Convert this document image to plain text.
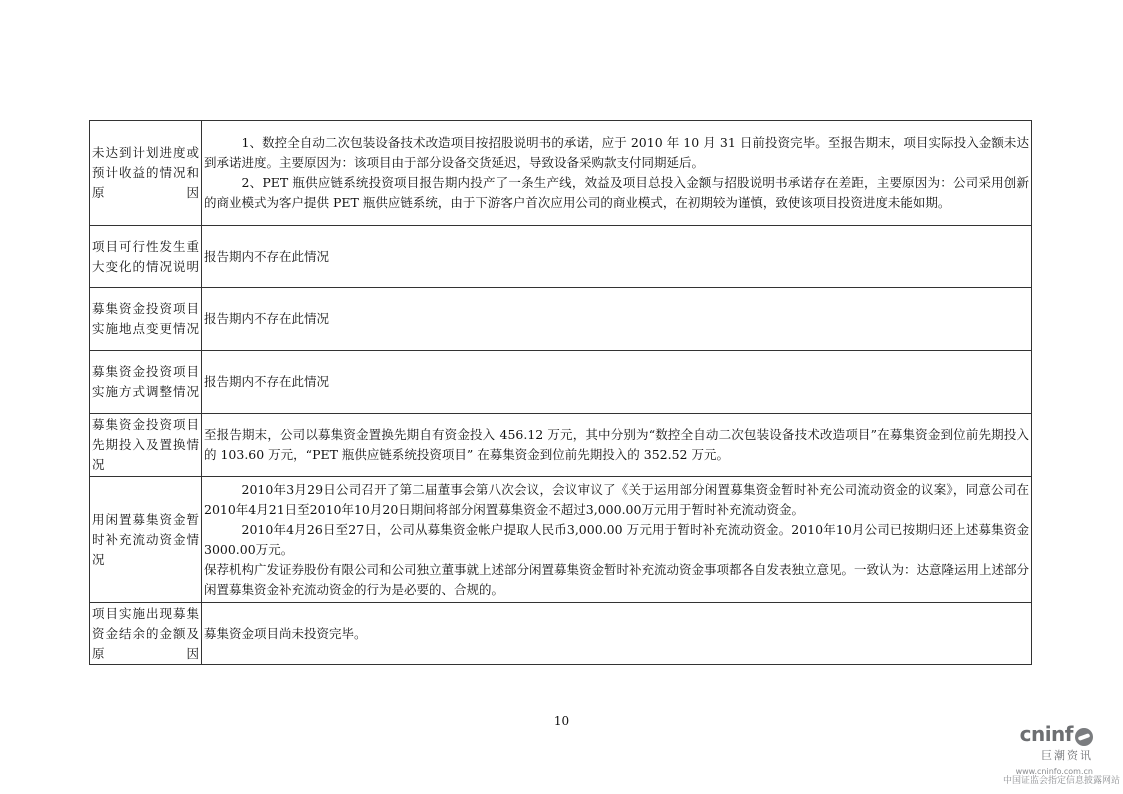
未达到计划进度或预计收益的情况和原因	1、数控全自动二次包装设备技术改造项目按招股说明书的承诺，应于 2010 年 10 月 31 日前投资完毕。至报告期末，项目实际投入金额未达到承诺进度。主要原因为：该项目由于部分设备交货延迟，导致设备采购款支付同期延后。

2、PET 瓶供应链系统投资项目报告期内投产了一条生产线，效益及项目总投入金额与招股说明书承诺存在差距，主要原因为：公司采用创新的商业模式为客户提供 PET 瓶供应链系统，由于下游客户首次应用公司的商业模式，在初期较为谨慎，致使该项目投资进度未能如期。

项目可行性发生重大变化的情况说明	报告期内不存在此情况

募集资金投资项目实施地点变更情况	报告期内不存在此情况

募集资金投资项目实施方式调整情况	报告期内不存在此情况

募集资金投资项目先期投入及置换情况	至报告期末，公司以募集资金置换先期自有资金投入 456.12 万元，其中分别为“数控全自动二次包装设备技术改造项目”在募集资金到位前先期投入的 103.60 万元，“PET 瓶供应链系统投资项目” 在募集资金到位前先期投入的 352.52 万元。

用闲置募集资金暂时补充流动资金情况	2010年3月29日公司召开了第二届董事会第八次会议，会议审议了《关于运用部分闲置募集资金暂时补充公司流动资金的议案》，同意公司在2010年4月21日至2010年10月20日期间将部分闲置募集资金不超过3,000.00万元用于暂时补充流动资金。

2010年4月26日至27日，公司从募集资金帐户提取人民币3,000.00 万元用于暂时补充流动资金。2010年10月公司已按期归还上述募集资金3000.00万元。

保荐机构广发证券股份有限公司和公司独立董事就上述部分闲置募集资金暂时补充流动资金事项都各自发表独立意见。一致认为：达意隆运用上述部分闲置募集资金补充流动资金的行为是必要的、合规的。

项目实施出现募集资金结余的金额及原因	募集资金项目尚未投资完毕。

10
cninf
巨潮资讯
www.cninfo.com.cn
中国证监会指定信息披露网站
